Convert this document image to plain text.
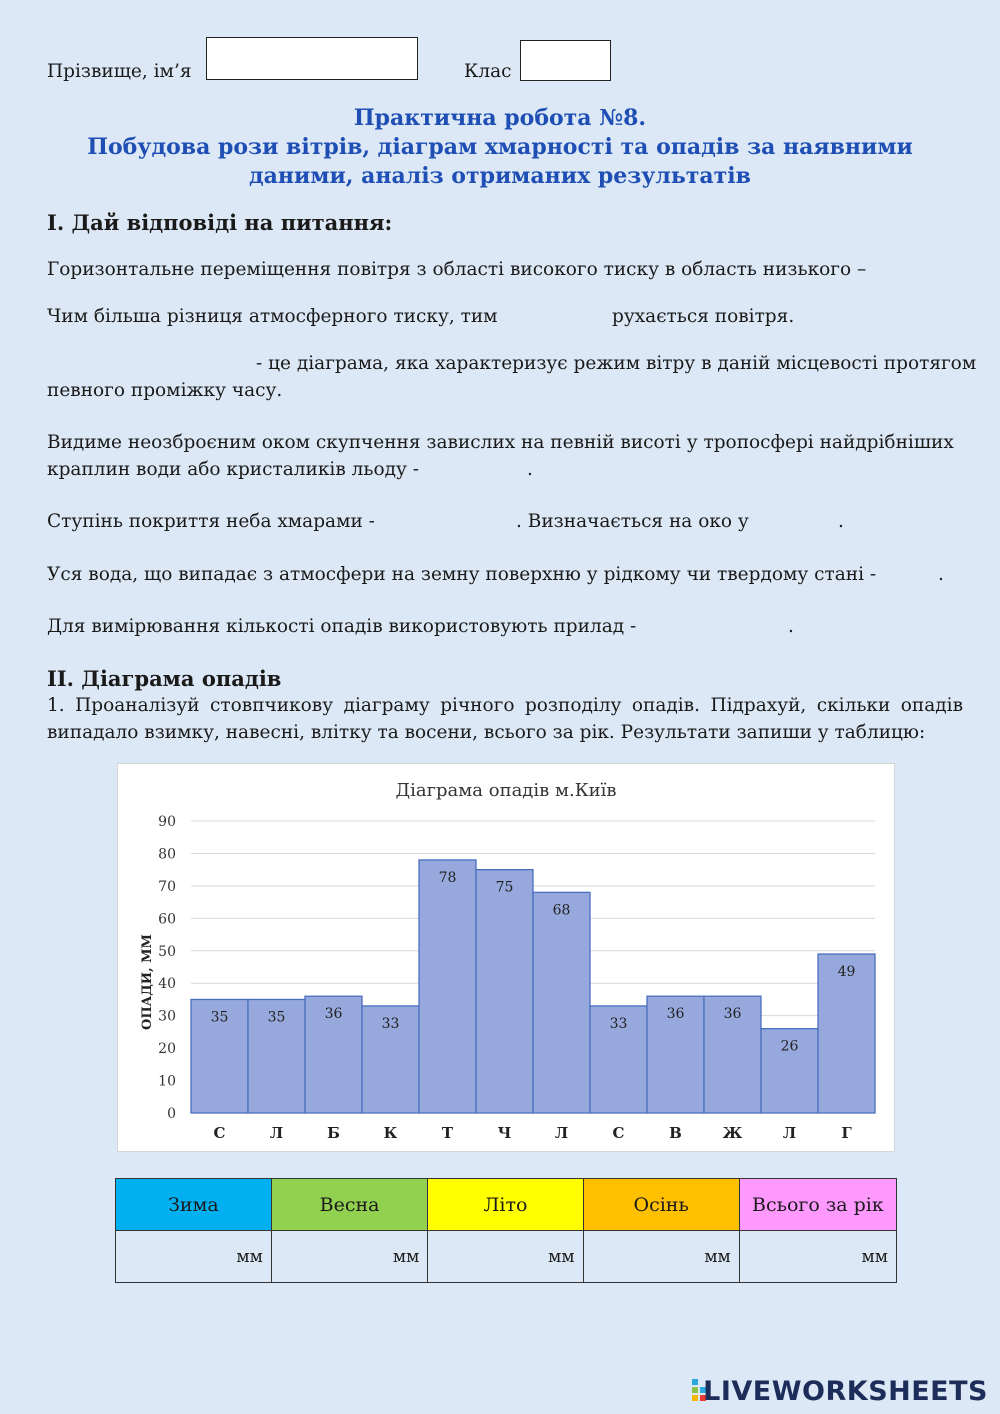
Прізвище, ім’я	Клас
Практична робота №8.
Побудова рози вітрів, діаграм хмарності та опадів за наявними
даними, аналіз отриманих результатів
I. Дай відповіді на питання:
Горизонтальне переміщення повітря з області високого тиску в область низького –
Чим більша різниця атмосферного тиску, тим	рухається повітря.
- це діаграма, яка характеризує режим вітру в даній місцевості протягом
певного проміжку часу.
Видиме неозброєним оком скупчення завислих на певній висоті у тропосфері найдрібніших
краплин води або кристаликів льоду -	.
Ступінь покриття неба хмарами -	. Визначається на око у	.
Уся вода, що випадає з атмосфери на земну поверхню у рідкому чи твердому стані -	.
Для вимірювання кількості опадів використовують прилад -	.
II. Діаграма опадів
1. Проаналізуй стовпчикову діаграму річного розподілу опадів. Підрахуй, скільки опадів
випадало взимку, навесні, влітку та восени, всього за рік. Результати запиши у таблицю:
Діаграма опадів м.Київ
ОПАДИ, ММ
0
10
20
30
40
50
60
70
80
90
35
С
35
Л
36
Б
33
К
78
Т
75
Ч
68
Л
33
С
36
В
36
Ж
26
Л
49
Г
Зима	Весна	Літо	Осінь	Всього за рік
мм	мм	мм	мм	мм
LIVEWORKSHEETS
